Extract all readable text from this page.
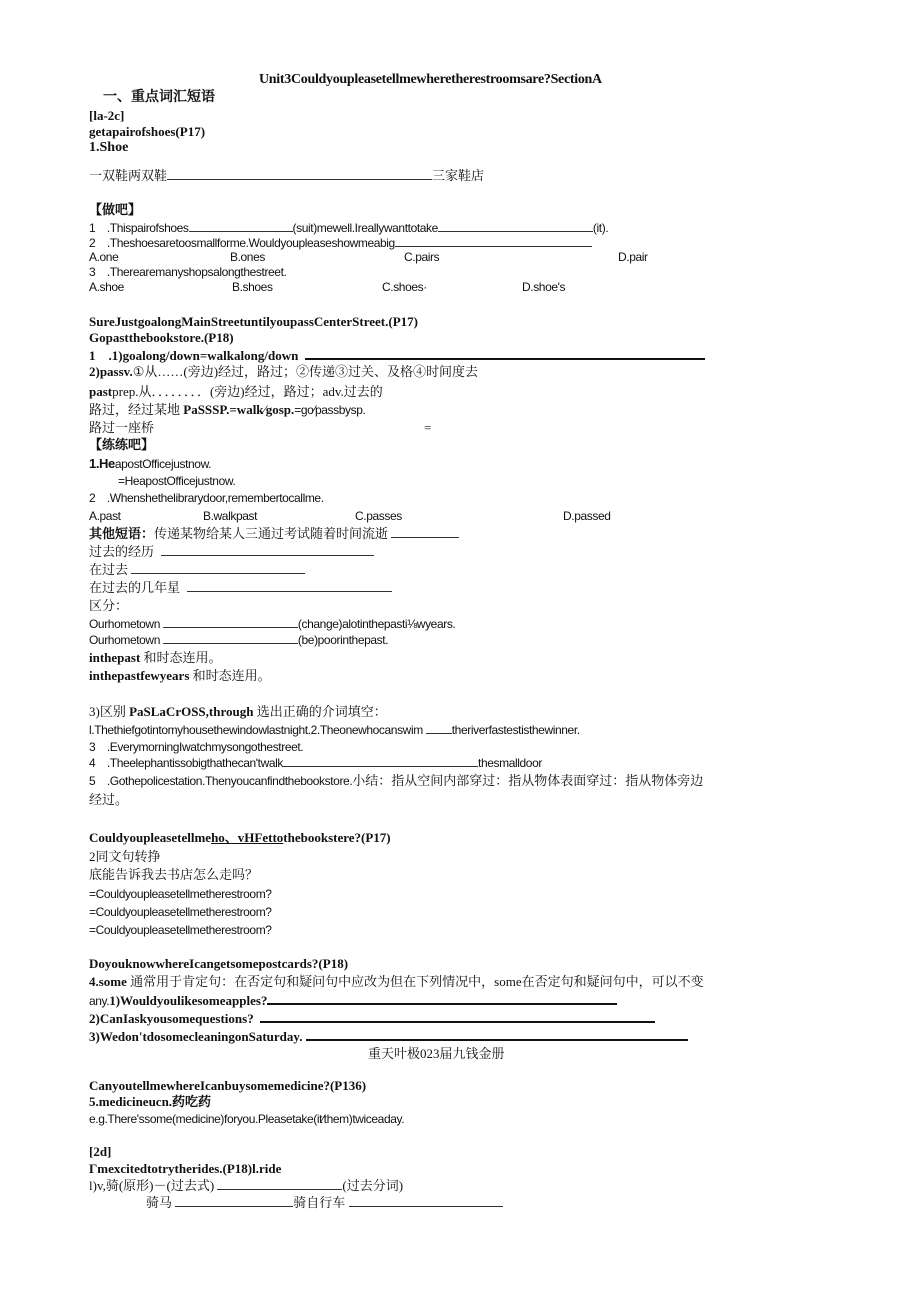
Unit3Couldyoupleasetellmewheretherestroomsare?SectionA
一、重点词汇短语
[la-2c]
getapairofshoes(P17)
1.Shoe
一双鞋两双鞋	三家鞋店
【做吧】
1　.Thispairofshoes	(suit)mewell.Ireallywanttotake	(it).
2　.Theshoesaretoosmallforme.Wouldyoupleaseshowmeabig
A.one	B.ones	C.pairs	D.pair
3　.Therearemanyshopsalongthestreet.
A.shoe	B.shoes	C.shoes·	D.shoe's
SureJustgoalongMainStreetuntilyoupassCenterStreet.(P17)
Gopastthebookstore.(P18)
1　.1)goalong/down=walkalong/down
2)passv.①从……(旁边)经过，路过；②传递③过关、及格④时间度去
pastprep.从．．．．．．．．(旁边)经过，路过；adv.过去的
路过，经过某地 PaSSSP.=walk⁄gosp.=go⁄passbysp.
路过一座桥	=
【练练吧】
1.HeapostOfficejustnow.
=HeapostOfficejustnow.
2　.Whenshethelibrarydoor,remembertocallme.
A.past	B.walkpast	C.passes	D.passed
其他短语：传递某物给某人三通过考试随着时间流逝
过去的经历
在过去
在过去的几年星
区分：
Ourhometown	(change)alotinthepasti⅛wyears.
Ourhometown	(be)poorinthepast.
inthepast 和时态连用。
inthepastfewyears 和时态连用。
3)区别 PaSLaCrOSS,through 选出正确的介词填空：
l.Thethiefgotintomyhousethewindowlastnight.2.Theonewhocanswim theriverfastestisthewinner.
3　.EverymorningIwatchmysongothestreet.
4　.Theelephantissobigthathecan'twalk	thesmalldoor
5　.Gothepolicestation.Thenyoucanfindthebookstore.小结：指从空间内部穿过：指从物体表面穿过：指从物体旁边
经过。
Couldyoupleasetellmeho、vHFettothebookstere?(P17)
2同文句转挣
底能告诉我去书店怎么走吗？
=Couldyoupleasetellmetherestroom?
=Couldyoupleasetellmetherestroom?
=Couldyoupleasetellmetherestroom?
DoyouknowwhereIcangetsomepostcards?(P18)
4.some 通常用于肯定句：在否定句和疑问句中应改为但在下列情况中，some在否定句和疑问句中，可以不变
any.1)Wouldyoulikesomeapples?
2)CanIaskyousomequestions?
3)Wedon'tdosomecleaningonSaturday.
重天叶极023届九钱金册
CanyoutellmewhereIcanbuysomemedicine?(P136)
5.medicineucn.药吃药
e.g.There'ssome(medicine)foryou.Pleasetake(it⁄them)twiceaday.
[2d]
Γmexcitedtotrytherides.(P18)l.ride
l)v,骑(原形)－(过去式)	(过去分词)
骑马	骑自行车
